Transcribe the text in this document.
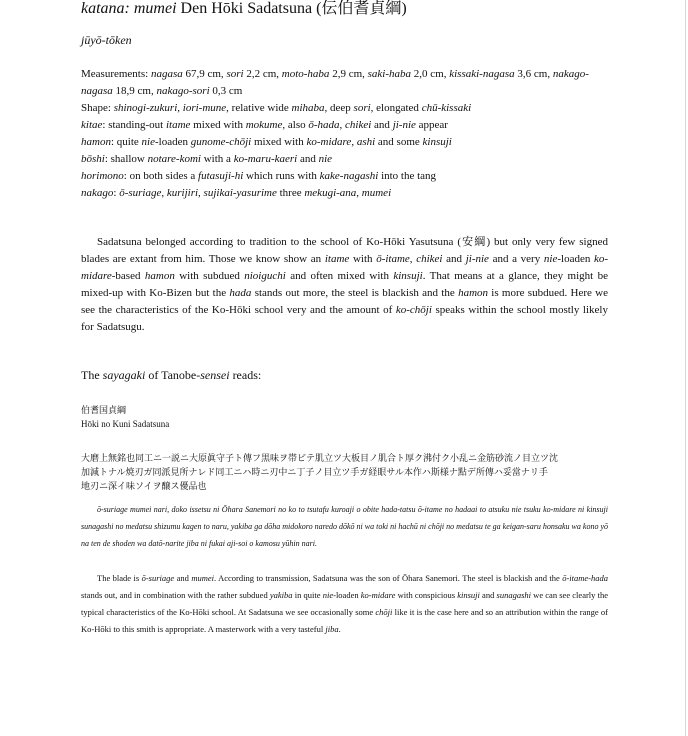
katana: mumei Den Hōki Sadatsuna (伝伯耆貞綱)

jūyō-tōken

Measurements: nagasa 67,9 cm, sori 2,2 cm, moto-haba 2,9 cm, saki-haba 2,0 cm, kissaki-nagasa 3,6 cm, nakago-nagasa 18,9 cm, nakago-sori 0,3 cm

Shape: shinogi-zukuri, iori-mune, relative wide mihaba, deep sori, elongated chū-kissaki

kitae: standing-out itame mixed with mokume, also ō-hada, chikei and ji-nie appear

hamon: quite nie-loaden gunome-chōji mixed with ko-midare, ashi and some kinsuji

bōshi: shallow notare-komi with a ko-maru-kaeri and nie

horimono: on both sides a futasuji-hi which runs with kake-nagashi into the tang

nakago: ō-suriage, kurijiri, sujikai-yasurime three mekugi-ana, mumei

Sadatsuna belonged according to tradition to the school of Ko-Hōki Yasutsuna (安綱) but only very few signed blades are extant from him. Those we know show an itame with ō-itame, chikei and ji-nie and a very nie-loaden ko-midare-based hamon with subdued nioiguchi and often mixed with kinsuji. That means at a glance, they might be mixed-up with Ko-Bizen but the hada stands out more, the steel is blackish and the hamon is more subdued. Here we see the characteristics of the Ko-Hōki school very and the amount of ko-chōji speaks within the school mostly likely for Sadatsugu.

The sayagaki of Tanobe-sensei reads:

伯耆国貞綱

Hōki no Kuni Sadatsuna

大磨上無銘也同工ニ一説ニ大原眞守子ト傳フ黒味ヲ帯ビテ肌立ツ大板目ノ肌合ト厚ク沸付ク小乱ニ金筋砂流ノ目立ツ沈

加減トナル焼刃ガ同派見所ナレド同工ニハ時ニ刃中ニ丁子ノ目立ツ手ガ経眼サル本作ハ斯様ナ點デ所傳ハ妥當ナリ手

地刃ニ深イ味ソイヲ醸ス優品也

ō-suriage mumei nari, doko issetsu ni Ōhara Sanemori no ko to tsutafu kuroaji o obite hada-tatsu ō-itame no hadaai to atsuku nie tsuku ko-midare ni kinsuji sunagashi no medatsu shizumu kagen to naru, yakiba ga dōha midokoro naredo dōkō ni wa toki ni hachū ni chōji no medatsu te ga keigan-saru honsaku wa kono yō na ten de shoden wa datō-narite jiba ni fukai aji-soi o kamosu yūhin nari.

The blade is ō-suriage and mumei. According to transmission, Sadatsuna was the son of Ōhara Sanemori. The steel is blackish and the ō-itame-hada stands out, and in combination with the rather subdued yakiba in quite nie-loaden ko-midare with conspicious kinsuji and sunagashi we can see clearly the typical characteristics of the Ko-Hōki school. At Sadatsuna we see occasionally some chōji like it is the case here and so an attribution within the range of Ko-Hōki to this smith is appropriate. A masterwork with a very tasteful jiba.
